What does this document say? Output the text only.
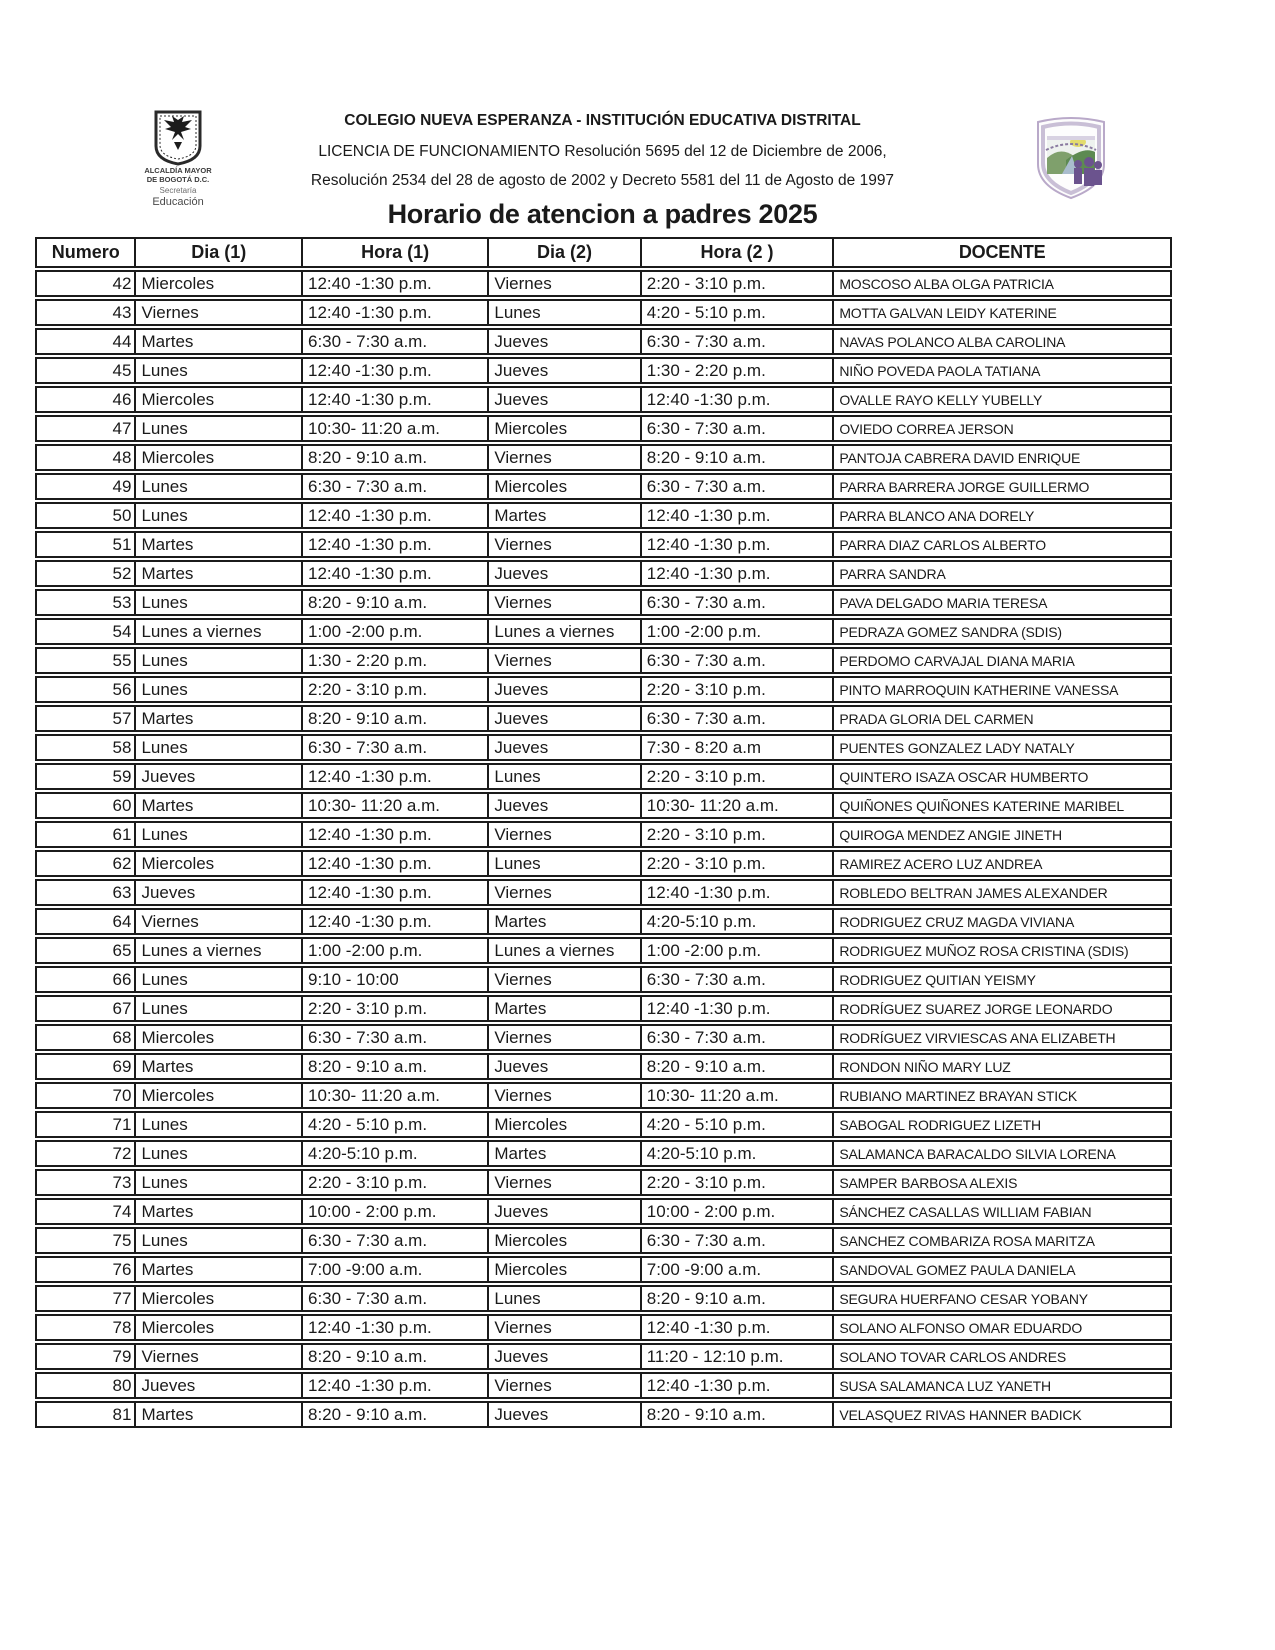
ALCALDÍA MAYOR
DE BOGOTÁ D.C.
Secretaría
Educación
COLEGIO NUEVA ESPERANZA - INSTITUCIÓN EDUCATIVA DISTRITAL
LICENCIA DE FUNCIONAMIENTO Resolución 5695 del 12 de Diciembre de 2006,
Resolución 2534 del 28 de agosto de 2002 y Decreto 5581 del 11 de Agosto de 1997
Horario de atencion a padres 2025
Numero	Dia (1)	Hora (1)	Dia (2)	Hora (2 )	DOCENTE
42 Miercoles	12:40 -1:30 p.m.	Viernes	2:20 - 3:10 p.m.	MOSCOSO ALBA OLGA PATRICIA
43 Viernes	12:40 -1:30 p.m.	Lunes	4:20 - 5:10 p.m.	MOTTA GALVAN LEIDY KATERINE
44 Martes	6:30 - 7:30 a.m.	Jueves	6:30 - 7:30 a.m.	NAVAS POLANCO ALBA CAROLINA
45 Lunes	12:40 -1:30 p.m.	Jueves	1:30 - 2:20 p.m.	NIÑO POVEDA PAOLA TATIANA
46 Miercoles	12:40 -1:30 p.m.	Jueves	12:40 -1:30 p.m.	OVALLE RAYO KELLY YUBELLY
47 Lunes	10:30- 11:20 a.m.	Miercoles	6:30 - 7:30 a.m.	OVIEDO CORREA JERSON
48 Miercoles	8:20 - 9:10 a.m.	Viernes	8:20 - 9:10 a.m.	PANTOJA CABRERA DAVID ENRIQUE
49 Lunes	6:30 - 7:30 a.m.	Miercoles	6:30 - 7:30 a.m.	PARRA BARRERA JORGE GUILLERMO
50 Lunes	12:40 -1:30 p.m.	Martes	12:40 -1:30 p.m.	PARRA BLANCO ANA DORELY
51 Martes	12:40 -1:30 p.m.	Viernes	12:40 -1:30 p.m.	PARRA DIAZ CARLOS ALBERTO
52 Martes	12:40 -1:30 p.m.	Jueves	12:40 -1:30 p.m.	PARRA SANDRA
53 Lunes	8:20 - 9:10 a.m.	Viernes	6:30 - 7:30 a.m.	PAVA DELGADO MARIA TERESA
54 Lunes a viernes	1:00 -2:00 p.m.	Lunes a viernes	1:00 -2:00 p.m.	PEDRAZA GOMEZ SANDRA (SDIS)
55 Lunes	1:30 - 2:20 p.m.	Viernes	6:30 - 7:30 a.m.	PERDOMO CARVAJAL DIANA MARIA
56 Lunes	2:20 - 3:10 p.m.	Jueves	2:20 - 3:10 p.m.	PINTO MARROQUIN KATHERINE VANESSA
57 Martes	8:20 - 9:10 a.m.	Jueves	6:30 - 7:30 a.m.	PRADA GLORIA DEL CARMEN
58 Lunes	6:30 - 7:30 a.m.	Jueves	7:30 - 8:20 a.m	PUENTES GONZALEZ LADY NATALY
59 Jueves	12:40 -1:30 p.m.	Lunes	2:20 - 3:10 p.m.	QUINTERO ISAZA OSCAR HUMBERTO
60 Martes	10:30- 11:20 a.m.	Jueves	10:30- 11:20 a.m.	QUIÑONES QUIÑONES KATERINE MARIBEL
61 Lunes	12:40 -1:30 p.m.	Viernes	2:20 - 3:10 p.m.	QUIROGA MENDEZ ANGIE JINETH
62 Miercoles	12:40 -1:30 p.m.	Lunes	2:20 - 3:10 p.m.	RAMIREZ ACERO LUZ ANDREA
63 Jueves	12:40 -1:30 p.m.	Viernes	12:40 -1:30 p.m.	ROBLEDO BELTRAN JAMES ALEXANDER
64 Viernes	12:40 -1:30 p.m.	Martes	4:20-5:10 p.m.	RODRIGUEZ CRUZ MAGDA VIVIANA
65 Lunes a viernes	1:00 -2:00 p.m.	Lunes a viernes	1:00 -2:00 p.m.	RODRIGUEZ MUÑOZ ROSA CRISTINA (SDIS)
66 Lunes	9:10 - 10:00	Viernes	6:30 - 7:30 a.m.	RODRIGUEZ QUITIAN YEISMY
67 Lunes	2:20 - 3:10 p.m.	Martes	12:40 -1:30 p.m.	RODRÍGUEZ SUAREZ JORGE LEONARDO
68 Miercoles	6:30 - 7:30 a.m.	Viernes	6:30 - 7:30 a.m.	RODRÍGUEZ VIRVIESCAS ANA ELIZABETH
69 Martes	8:20 - 9:10 a.m.	Jueves	8:20 - 9:10 a.m.	RONDON NIÑO MARY LUZ
70 Miercoles	10:30- 11:20 a.m.	Viernes	10:30- 11:20 a.m.	RUBIANO MARTINEZ BRAYAN STICK
71 Lunes	4:20 - 5:10 p.m.	Miercoles	4:20 - 5:10 p.m.	SABOGAL RODRIGUEZ LIZETH
72 Lunes	4:20-5:10 p.m.	Martes	4:20-5:10 p.m.	SALAMANCA BARACALDO SILVIA LORENA
73 Lunes	2:20 - 3:10 p.m.	Viernes	2:20 - 3:10 p.m.	SAMPER BARBOSA ALEXIS
74 Martes	10:00 - 2:00 p.m.	Jueves	10:00 - 2:00 p.m.	SÁNCHEZ CASALLAS WILLIAM FABIAN
75 Lunes	6:30 - 7:30 a.m.	Miercoles	6:30 - 7:30 a.m.	SANCHEZ COMBARIZA ROSA MARITZA
76 Martes	7:00 -9:00 a.m.	Miercoles	7:00 -9:00 a.m.	SANDOVAL GOMEZ PAULA DANIELA
77 Miercoles	6:30 - 7:30 a.m.	Lunes	8:20 - 9:10 a.m.	SEGURA HUERFANO CESAR YOBANY
78 Miercoles	12:40 -1:30 p.m.	Viernes	12:40 -1:30 p.m.	SOLANO ALFONSO OMAR EDUARDO
79 Viernes	8:20 - 9:10 a.m.	Jueves	11:20 - 12:10 p.m.	SOLANO TOVAR CARLOS ANDRES
80 Jueves	12:40 -1:30 p.m.	Viernes	12:40 -1:30 p.m.	SUSA SALAMANCA LUZ YANETH
81 Martes	8:20 - 9:10 a.m.	Jueves	8:20 - 9:10 a.m.	VELASQUEZ RIVAS HANNER BADICK
